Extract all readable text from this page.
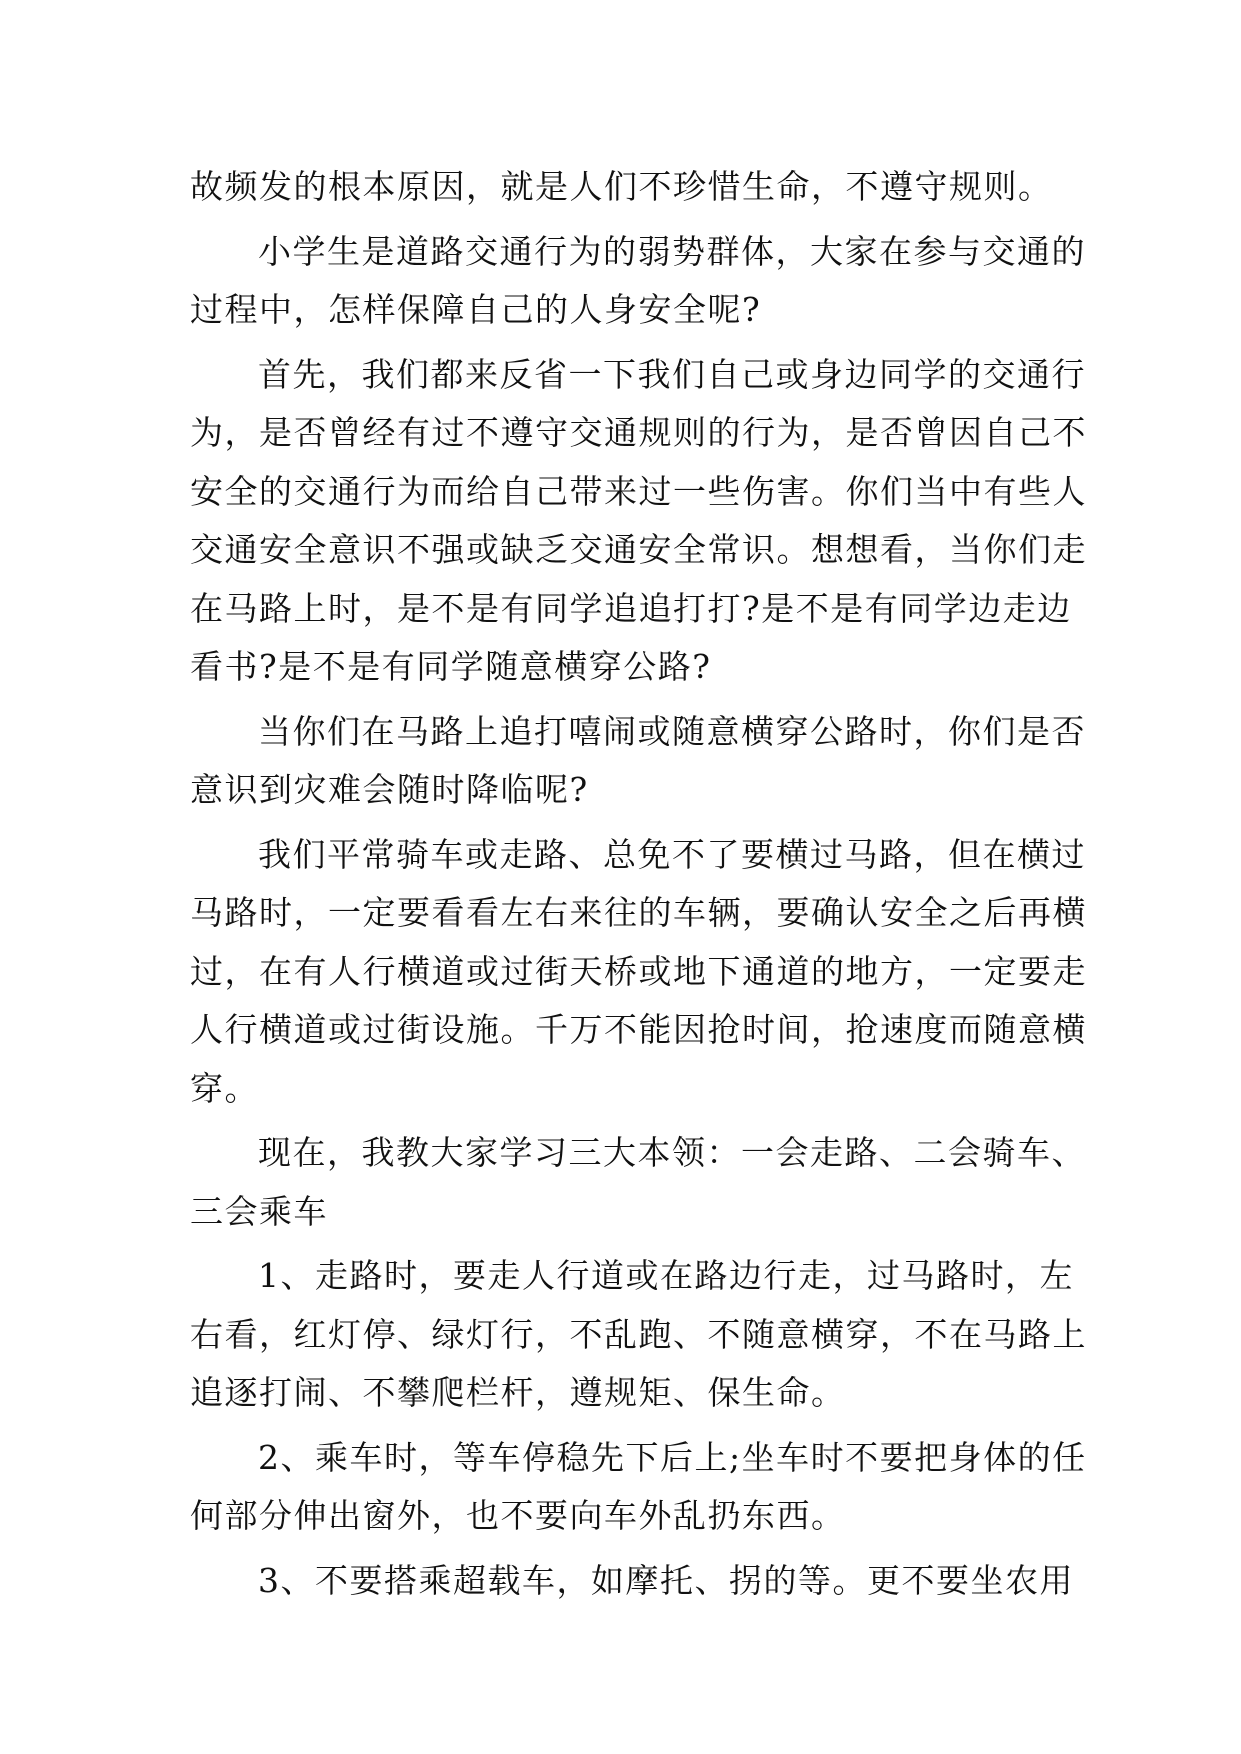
故频发的根本原因，就是人们不珍惜生命，不遵守规则。
小学生是道路交通行为的弱势群体，大家在参与交通的
过程中，怎样保障自己的人身安全呢?
首先，我们都来反省一下我们自己或身边同学的交通行
为，是否曾经有过不遵守交通规则的行为，是否曾因自己不
安全的交通行为而给自己带来过一些伤害。你们当中有些人
交通安全意识不强或缺乏交通安全常识。想想看，当你们走
在马路上时，是不是有同学追追打打?是不是有同学边走边
看书?是不是有同学随意横穿公路?
当你们在马路上追打嘻闹或随意横穿公路时，你们是否
意识到灾难会随时降临呢?
我们平常骑车或走路、总免不了要横过马路，但在横过
马路时，一定要看看左右来往的车辆，要确认安全之后再横
过，在有人行横道或过街天桥或地下通道的地方，一定要走
人行横道或过街设施。千万不能因抢时间，抢速度而随意横
穿。
现在，我教大家学习三大本领：一会走路、二会骑车、
三会乘车
1、走路时，要走人行道或在路边行走，过马路时，左
右看，红灯停、绿灯行，不乱跑、不随意横穿，不在马路上
追逐打闹、不攀爬栏杆，遵规矩、保生命。
2、乘车时，等车停稳先下后上;坐车时不要把身体的任
何部分伸出窗外，也不要向车外乱扔东西。
3、不要搭乘超载车，如摩托、拐的等。更不要坐农用
